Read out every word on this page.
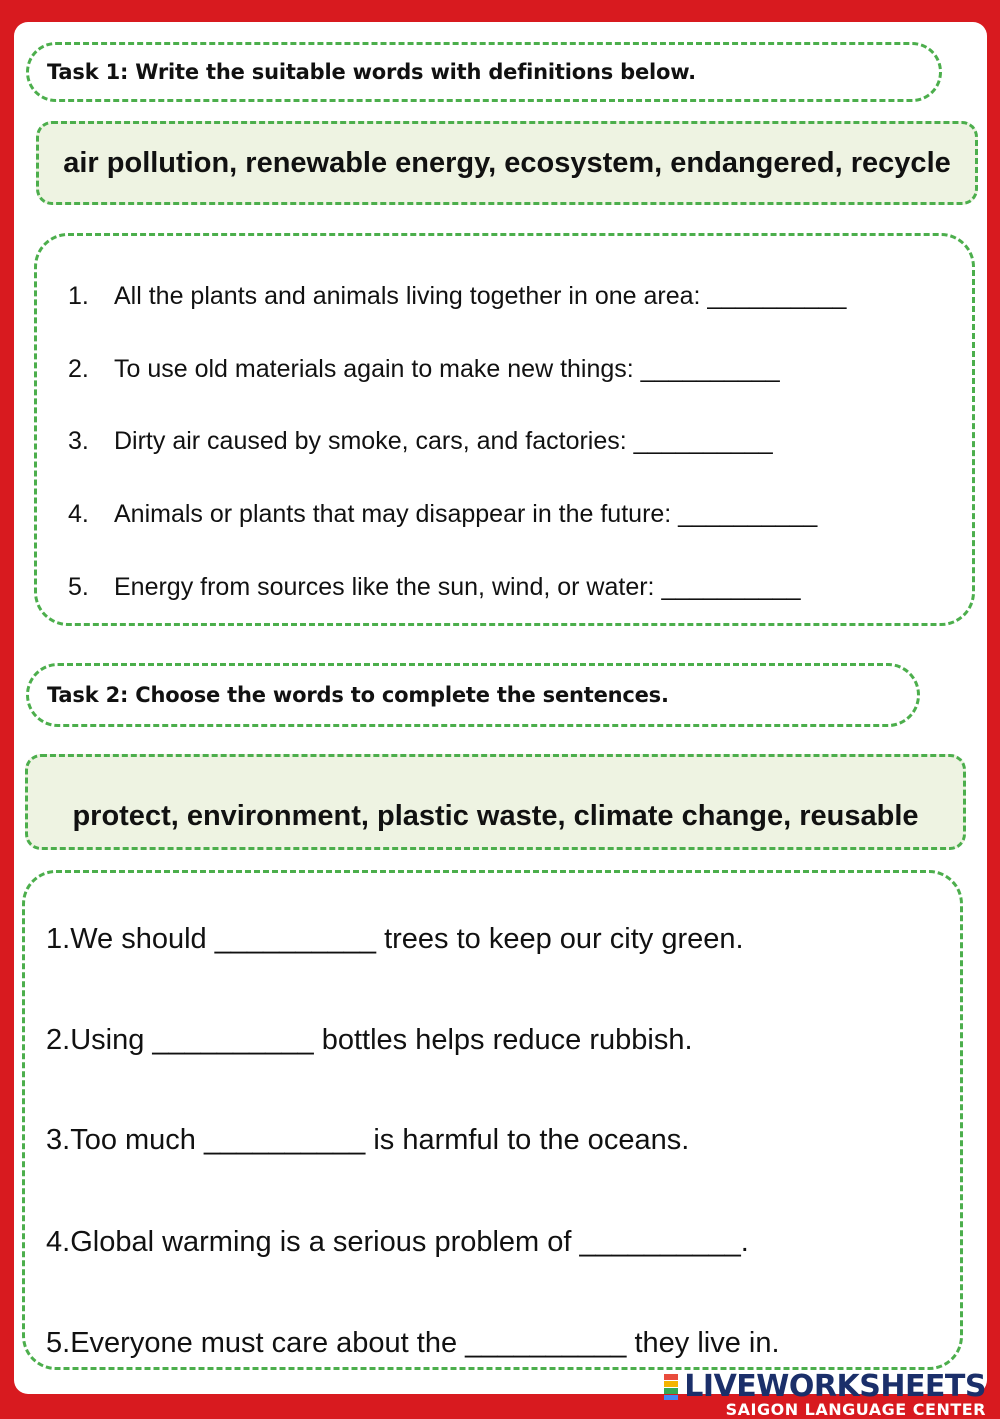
Task 1: Write the suitable words with definitions below.
air pollution, renewable energy, ecosystem, endangered, recycle
1. All the plants and animals living together in one area: __________
2. To use old materials again to make new things: __________
3. Dirty air caused by smoke, cars, and factories: __________
4. Animals or plants that may disappear in the future: __________
5. Energy from sources like the sun, wind, or water: __________
Task 2: Choose the words to complete the sentences.
protect, environment, plastic waste, climate change, reusable
1.We should __________ trees to keep our city green.
2.Using __________ bottles helps reduce rubbish.
3.Too much __________ is harmful to the oceans.
4.Global warming is a serious problem of __________.
5.Everyone must care about the __________ they live in.
LIVEWORKSHEETS
SAIGON LANGUAGE CENTER
